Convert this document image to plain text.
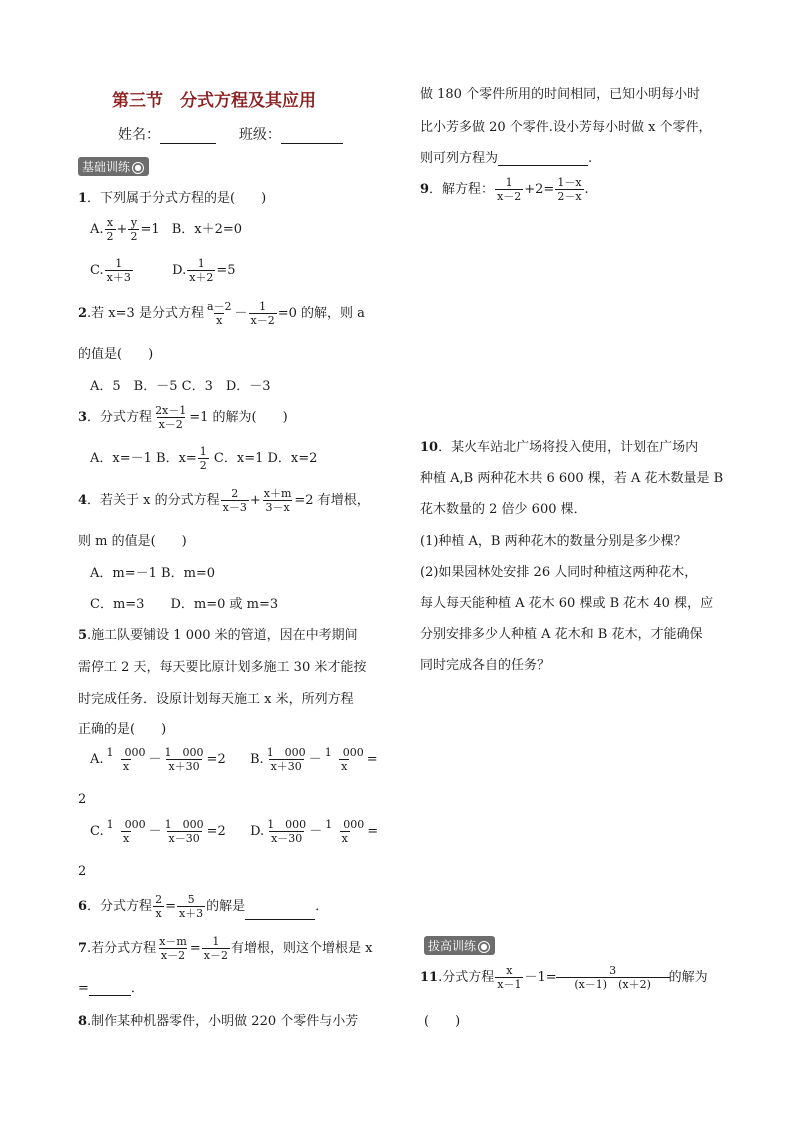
第三节　分式方程及其应用
姓名：	班级：
基础训练 ●
1．下列属于分式方程的是(　　)
A. $\frac{x}{2} + \frac{y}{2} =1$ B．x＋2=0
C. $\frac{1}{x+3}$	D. $\frac{1}{x+2} =5$
2.若 x=3 是分式方程 $\frac{a-2}{x} - \frac{1}{x-2} =0$ 的解，则 a
的值是(　　)
A．5　B．－5 C．3　D．－3
3．分式方程 $\frac{2x-1}{x-2} =1$ 的解为(　　)
A．x=－1 B．$x= \frac{1}{2}$ C．x=1 D．x=2
4．若关于 x 的分式方程 $\frac{2}{x-3} + \frac{x+m}{3-x} =2$ 有增根，
则 m 的值是(　　)
A．m=－1 B．m=0
C．m=3　　D．m=0 或 m=3
5.施工队要铺设 1 000 米的管道，因在中考期间
需停工 2 天，每天要比原计划多施工 30 米才能按
时完成任务．设原计划每天施工 x 米，所列方程
正确的是(　　)
A. $\frac{1 000}{x} - \frac{1 000}{x+30} =2$ B. $\frac{1 000}{x+30} - \frac{1 000}{x}$ =
2
C. $\frac{1 000}{x} - \frac{1 000}{x-30} =2$ D. $\frac{1 000}{x-30} - \frac{1 000}{x}$ =
2
6．分式方程 $\frac{2}{x} = \frac{5}{x+3}$ 的解是	．
7.若分式方程 $\frac{x-m}{x-2} = \frac{1}{x-2}$ 有增根，则这个增根是 x
=	．
8.制作某种机器零件，小明做 220 个零件与小芳
做 180 个零件所用的时间相同，已知小明每小时
比小芳多做 20 个零件.设小芳每小时做 x 个零件，
则可列方程为	.
9．解方程： $\frac{1}{x-2} +2= \frac{1-x}{2-x}$ .
10．某火车站北广场将投入使用，计划在广场内
种植 A,B 两种花木共 6 600 棵，若 A 花木数量是 B
花木数量的 2 倍少 600 棵．
(1)种植 A，B 两种花木的数量分别是多少棵？
(2)如果园林处安排 26 人同时种植这两种花木，
每人每天能种植 A 花木 60 棵或 B 花木 40 棵，应
分别安排多少人种植 A 花木和 B 花木，才能确保
同时完成各自的任务？
拔高训练 ●
11.分式方程 $\frac{x}{x-1} -1= \frac{3}{(x-1) (x+2)}$ 的解为
(　　)
